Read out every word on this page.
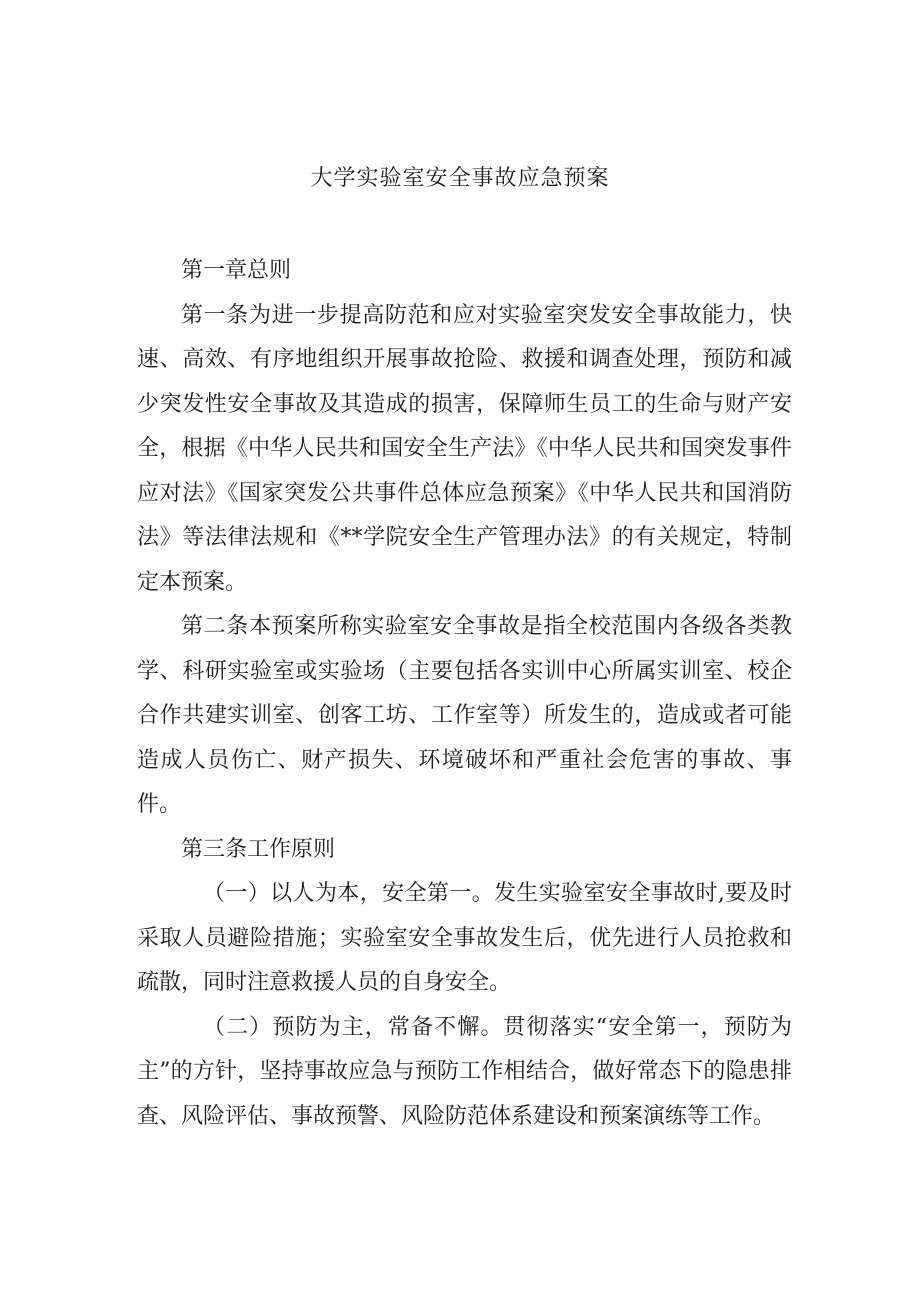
大学实验室安全事故应急预案

第一章总则

第一条为进一步提高防范和应对实验室突发安全事故能力，快速、高效、有序地组织开展事故抢险、救援和调查处理，预防和减少突发性安全事故及其造成的损害，保障师生员工的生命与财产安全，根据《中华人民共和国安全生产法》《中华人民共和国突发事件应对法》《国家突发公共事件总体应急预案》《中华人民共和国消防法》等法律法规和《**学院安全生产管理办法》的有关规定，特制定本预案。

第二条本预案所称实验室安全事故是指全校范围内各级各类教学、科研实验室或实验场（主要包括各实训中心所属实训室、校企合作共建实训室、创客工坊、工作室等）所发生的，造成或者可能造成人员伤亡、财产损失、环境破坏和严重社会危害的事故、事件。

第三条工作原则

（一）以人为本，安全第一。发生实验室安全事故时,要及时采取人员避险措施；实验室安全事故发生后，优先进行人员抢救和疏散，同时注意救援人员的自身安全。

（二）预防为主，常备不懈。贯彻落实“安全第一，预防为主”的方针，坚持事故应急与预防工作相结合，做好常态下的隐患排查、风险评估、事故预警、风险防范体系建设和预案演练等工作。
